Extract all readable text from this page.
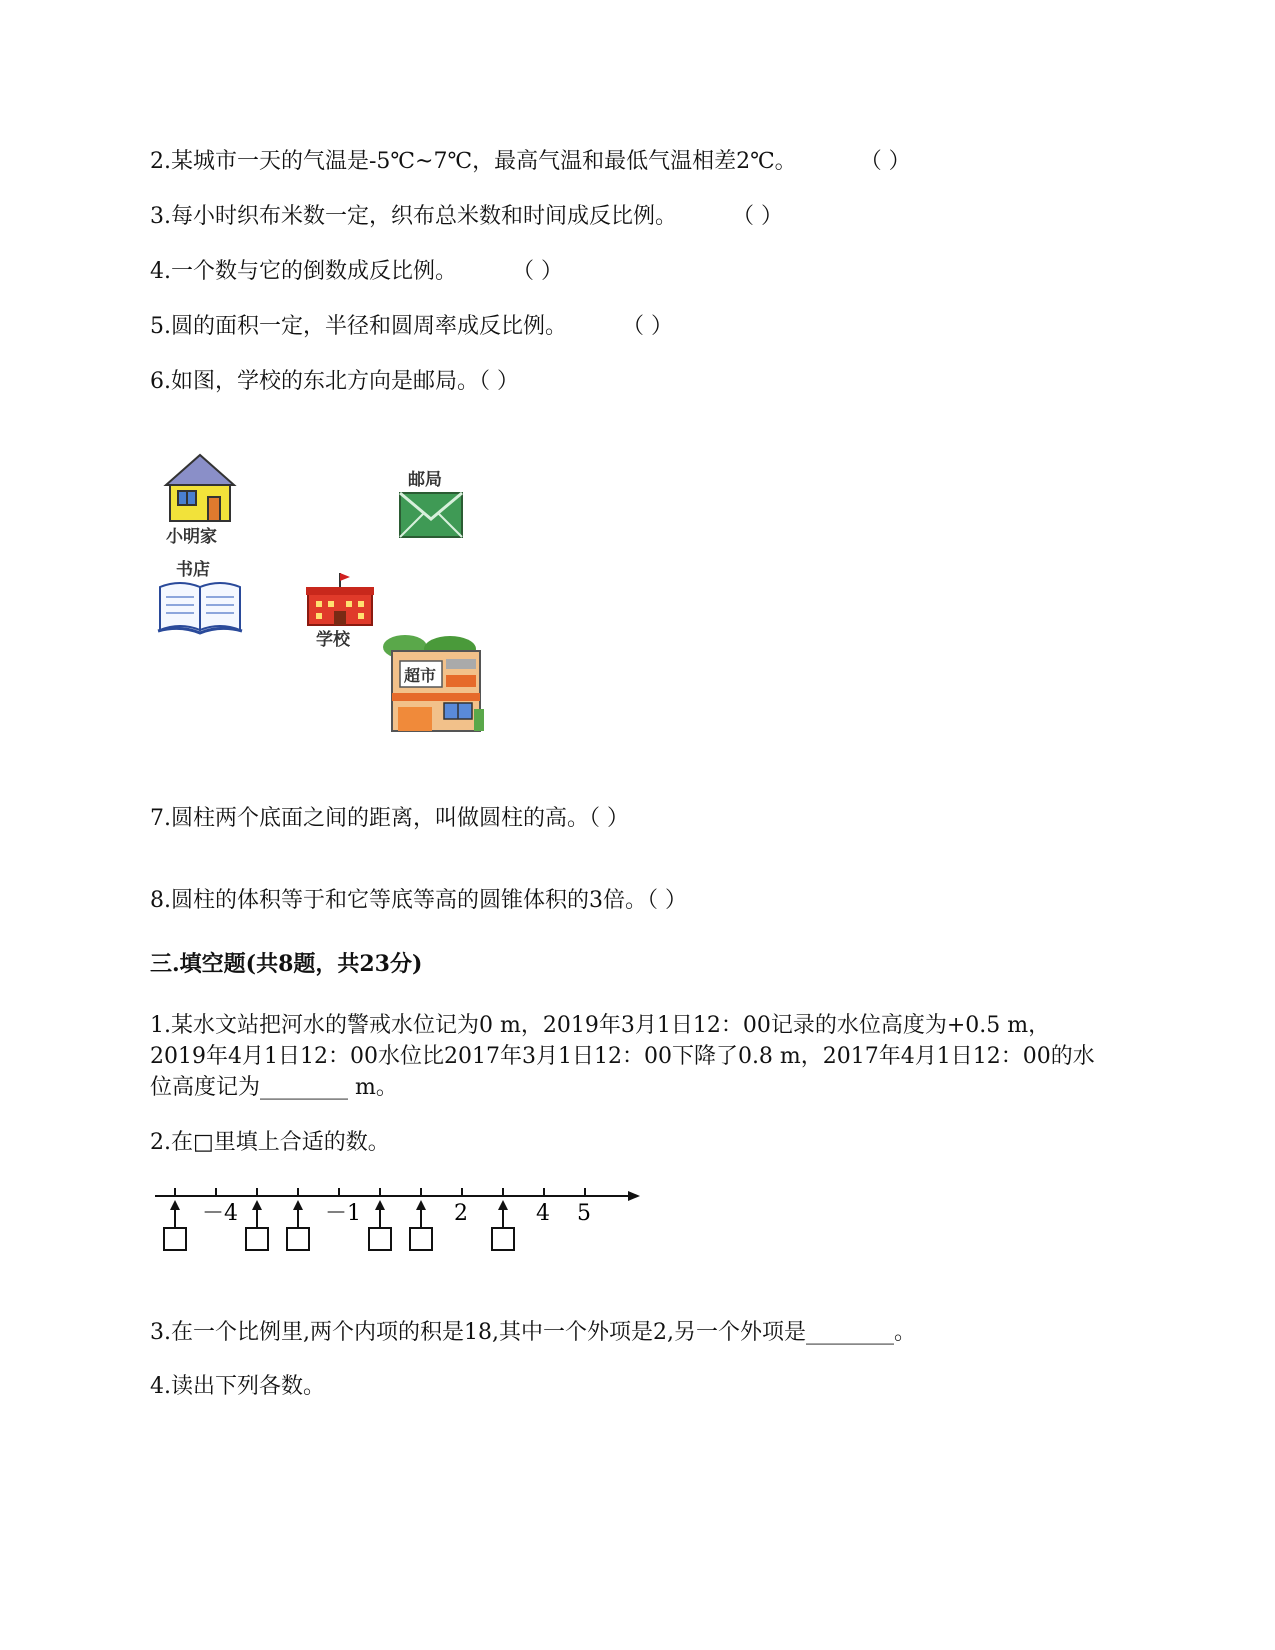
2.某城市一天的气温是-5℃~7℃，最高气温和最低气温相差2℃。	（ ）
3.每小时织布米数一定，织布总米数和时间成反比例。	（ ）
4.一个数与它的倒数成反比例。	（ ）
5.圆的面积一定，半径和圆周率成反比例。	（ ）
6.如图，学校的东北方向是邮局。（ ）
小明家
邮局
书店
学校
超市
7.圆柱两个底面之间的距离，叫做圆柱的高。（ ）
8.圆柱的体积等于和它等底等高的圆锥体积的3倍。（ ）
三.填空题(共8题，共23分)
1.某水文站把河水的警戒水位记为0 m，2019年3月1日12：00记录的水位高度为+0.5 m，
2019年4月1日12：00水位比2017年3月1日12：00下降了0.8 m，2017年4月1日12：00的水
位高度记为________ m。
2.在□里填上合适的数。
－4	－1	2	4 5
3.在一个比例里,两个内项的积是18,其中一个外项是2,另一个外项是________。
4.读出下列各数。
